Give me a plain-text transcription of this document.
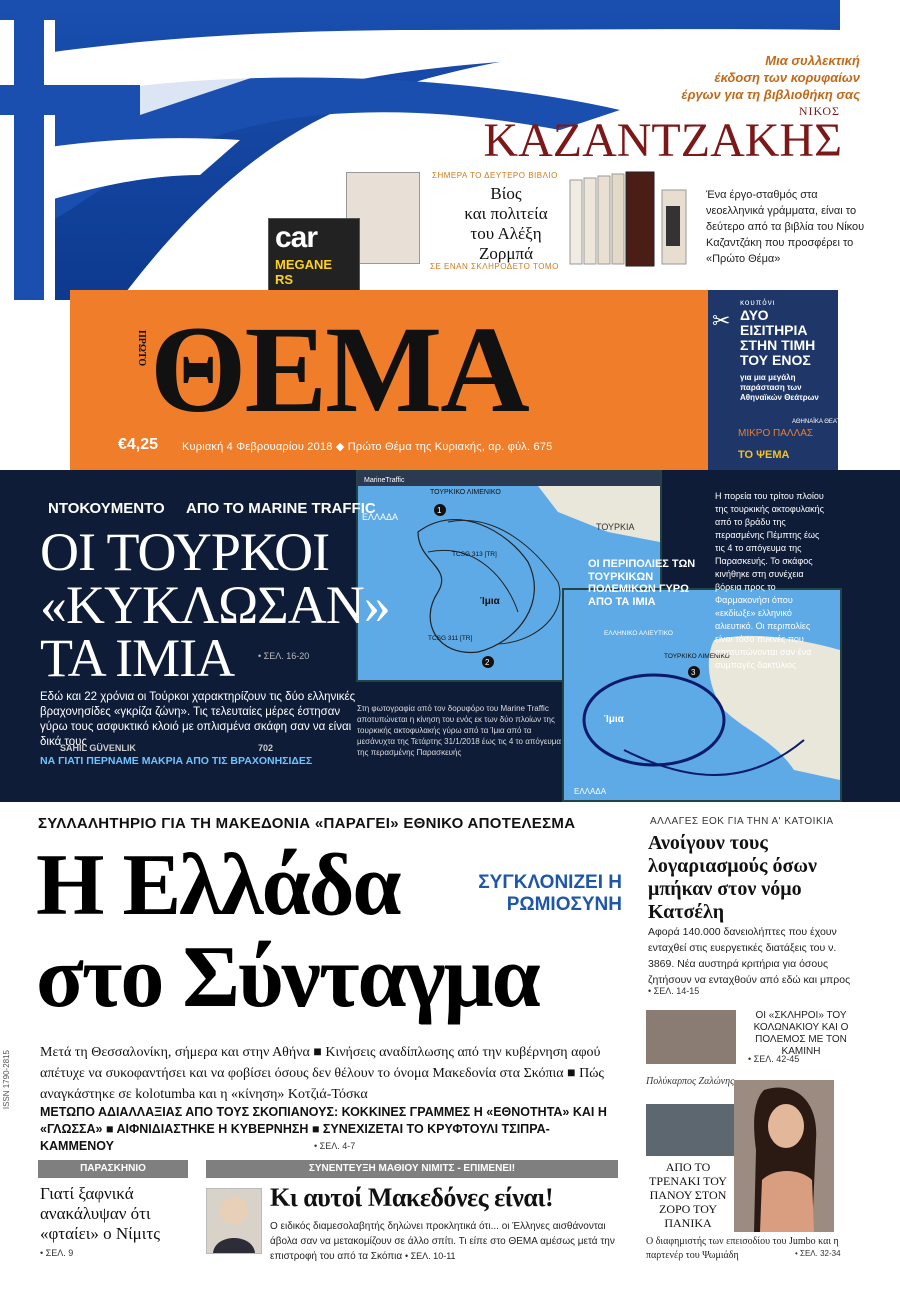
Μια συλλεκτική
έκδοση των κορυφαίων
έργων για τη βιβλιοθήκη σας
ΝΙΚΟΣ
ΚΑΖΑΝΤΖΑΚΗΣ
ΣΗΜΕΡΑ ΤΟ ΔΕΥΤΕΡΟ ΒΙΒΛΙΟ
Βίος
και πολιτεία
του Αλέξη
Ζορμπά
ΣΕ ΕΝΑΝ ΣΚΛΗΡΟΔΕΤΟ ΤΟΜΟ
Ένα έργο-σταθμός στα νεοελληνικά γράμματα, είναι το δεύτερο από τα βιβλία του Νίκου Καζαντζάκη που προσφέρει το «Πρώτο Θέμα»
car
MEGANE RS
ΠΡΩΤΟ ΘΕΜΑ
€4,25 Κυριακή 4 Φεβρουαρίου 2018 ◆ Πρώτο Θέμα της Κυριακής, αρ. φύλ. 675
✂
κουπόνι
ΔΥΟ ΕΙΣΙΤΗΡΙΑ ΣΤΗΝ ΤΙΜΗ ΤΟΥ ΕΝΟΣ
για μια μεγάλη παράσταση των Αθηναϊκών Θεάτρων
ΑΘΗΝΑΪΚΑ ΘΕΑΤΡΑ
ΜΙΚΡΟ ΠΑΛΛΑΣ
ΤΟ ΨΕΜΑ
MarineTraffic
1
2
ΕΛΛΑΔΑ
ΤΟΥΡΚΙΑ
ΤΟΥΡΚΙΚΟ ΛΙΜΕΝΙΚΟ
Ίμια
TCSG 313 [TR]
TCSG 311 [TR]
3
ΕΛΛΗΝΙΚΟ ΑΛΙΕΥΤΙΚΟ
ΤΟΥΡΚΙΚΟ ΛΙΜΕΝΙΚΟ
Ίμια
ΕΛΛΑΔΑ
ΝΤΟΚΟΥΜΕΝΤΟ ΑΠΟ ΤΟ MARINE TRAFFIC
ΟΙ ΤΟΥΡΚΟΙ
«ΚΥΚΛΩΣΑΝ»
ΤΑ ΙΜΙΑ	• ΣΕΛ. 16-20
Εδώ και 22 χρόνια οι Τούρκοι χαρακτηρίζουν τις δύο ελληνικές βραχονησίδες «γκρίζα ζώνη». Τις τελευταίες μέρες έστησαν γύρω τους ασφυκτικό κλοιό με οπλισμένα σκάφη σαν να είναι δικά τους
SAHIL GÜVENLIK	702
ΝΑ ΓΙΑΤΙ ΠΕΡΝΑΜΕ ΜΑΚΡΙΑ ΑΠΟ ΤΙΣ ΒΡΑΧΟΝΗΣΙΔΕΣ
Στη φωτογραφία από τον δορυφόρο του Marine Traffic αποτυπώνεται η κίνηση του ενός εκ των δύο πλοίων της τουρκικής ακτοφυλακής γύρω από τα Ίμια από τα μεσάνυχτα της Τετάρτης 31/1/2018 έως τις 4 το απόγευμα της περασμένης Παρασκευής
Η πορεία του τρίτου πλοίου της τουρκικής ακτοφυλακής από το βράδυ της περασμένης Πέμπτης έως τις 4 το απόγευμα της Παρασκευής. Το σκάφος κινήθηκε στη συνέχεια βόρεια προς το Φαρμακονήσι όπου «εκδίωξε» ελληνικό αλιευτικό. Οι περιπολίες είναι τόσο πυκνές που αποτυπώνονται σαν ένα συμπαγές δακτύλιος
ΟΙ ΠΕΡΙΠΟΛΙΕΣ ΤΩΝ ΤΟΥΡΚΙΚΩΝ ΠΟΛΕΜΙΚΩΝ ΓΥΡΩ ΑΠΟ ΤΑ ΙΜΙΑ
ΣΥΛΛΑΛΗΤΗΡΙΟ ΓΙΑ ΤΗ ΜΑΚΕΔΟΝΙΑ «ΠΑΡΑΓΕΙ» ΕΘΝΙΚΟ ΑΠΟΤΕΛΕΣΜΑ
Η Ελλάδα
στο Σύνταγμα
ΣΥΓΚΛΟΝΙΖΕΙ Η ΡΩΜΙΟΣΥΝΗ
Μετά τη Θεσσαλονίκη, σήμερα και στην Αθήνα ■ Κινήσεις αναδίπλωσης από την κυβέρνηση αφού απέτυχε να συκοφαντήσει και να φοβίσει όσους δεν θέλουν το όνομα Μακεδονία στα Σκόπια ■ Πώς αναγκάστηκε σε kolotumba και η «κίνηση» Κοτζιά-Τόσκα
ΜΕΤΩΠΟ ΑΔΙΑΛΛΑΞΙΑΣ ΑΠΟ ΤΟΥΣ ΣΚΟΠΙΑΝΟΥΣ: ΚΟΚΚΙΝΕΣ ΓΡΑΜΜΕΣ Η «ΕΘΝΟΤΗΤΑ» ΚΑΙ Η «ΓΛΩΣΣΑ» ■ ΑΙΦΝΙΔΙΑΣΤΗΚΕ Η ΚΥΒΕΡΝΗΣΗ ■ ΣΥΝΕΧΙΖΕΤΑΙ ΤΟ ΚΡΥΦΤΟΥΛΙ ΤΣΙΠΡΑ-ΚΑΜΜΕΝΟΥ	• ΣΕΛ. 4-7
ΠΑΡΑΣΚΗΝΙΟ	ΣΥΝΕΝΤΕΥΞΗ ΜΑΘΙΟΥ ΝΙΜΙΤΣ - ΕΠΙΜΕΝΕΙ!
Γιατί ξαφνικά ανακάλυψαν ότι «φταίει» ο Νίμιτς
• ΣΕΛ. 9
Κι αυτοί Μακεδόνες είναι!
Ο ειδικός διαμεσολαβητής δηλώνει προκλητικά ότι... οι Έλληνες αισθάνονται άβολα σαν να μετακομίζουν σε άλλο σπίτι. Τι είπε στο ΘΕΜΑ αμέσως μετά την επιστροφή του από τα Σκόπια • ΣΕΛ. 10-11
ΑΛΛΑΓΕΣ ΕΟΚ ΓΙΑ ΤΗΝ Α' ΚΑΤΟΙΚΙΑ
Ανοίγουν τους λογαριασμούς όσων μπήκαν στον νόμο Κατσέλη
Αφορά 140.000 δανειολήπτες που έχουν ενταχθεί στις ευεργετικές διατάξεις του ν. 3869. Νέα αυστηρά κριτήρια για όσους ζητήσουν να ενταχθούν από εδώ και μπρος
• ΣΕΛ. 14-15
ΟΙ «ΣΚΛΗΡΟΙ» ΤΟΥ ΚΟΛΩΝΑΚΙΟΥ ΚΑΙ Ο ΠΟΛΕΜΟΣ ΜΕ ΤΟΝ ΚΑΜΙΝΗ
• ΣΕΛ. 42-45
Πολύκαρπος Ζαλώνης
ΑΠΟ ΤΟ ΤΡΕΝΑΚΙ ΤΟΥ ΠΑΝΟΥ ΣΤΟΝ ΖΟΡΟ ΤΟΥ ΠΑΝΙΚΑ
Ο διαφημιστής των επεισοδίου του Jumbo και η παρτενέρ του Ψωμιάδη	• ΣΕΛ. 32-34
ISSN 1790-2815
